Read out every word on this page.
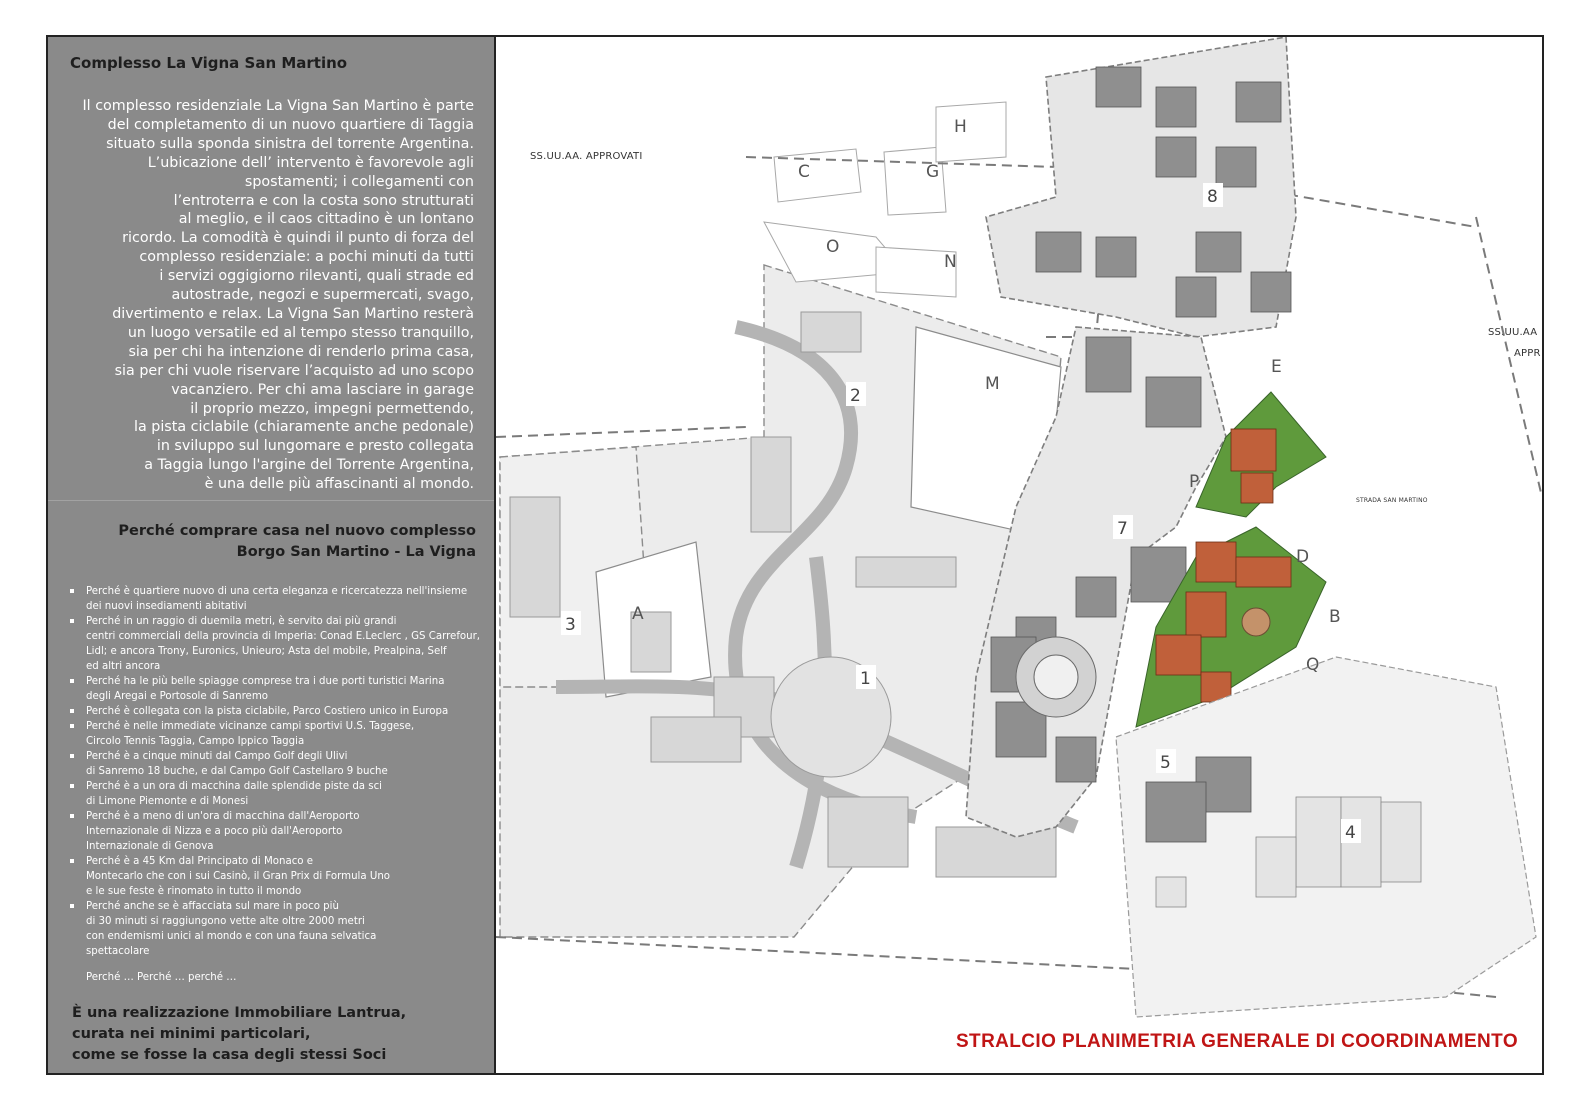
Complesso La Vigna San Martino
Il complesso residenziale La Vigna San Martino è parte
del completamento di un nuovo quartiere di Taggia
situato sulla sponda sinistra del torrente Argentina.
L’ubicazione dell’ intervento è favorevole agli
spostamenti; i collegamenti con
l’entroterra e con la costa sono strutturati
al meglio, e il caos cittadino è un lontano
ricordo. La comodità è quindi il punto di forza del
complesso residenziale: a pochi minuti da tutti
i servizi oggigiorno rilevanti, quali strade ed
autostrade, negozi e supermercati, svago,
divertimento e relax. La Vigna San Martino resterà
un luogo versatile ed al tempo stesso tranquillo,
sia per chi ha intenzione di renderlo prima casa,
sia per chi vuole riservare l’acquisto ad uno scopo
vacanziero. Per chi ama lasciare in garage
il proprio mezzo, impegni permettendo,
la pista ciclabile (chiaramente anche pedonale)
in sviluppo sul lungomare e presto collegata
a Taggia lungo l'argine del Torrente Argentina,
è una delle più affascinanti al mondo.
Perché comprare casa nel nuovo complesso
Borgo San Martino - La Vigna
Perché è quartiere nuovo di una certa eleganza e ricercatezza nell'insieme
dei nuovi insediamenti abitativi
Perché in un raggio di duemila metri, è servito dai più grandi
centri commerciali della provincia di Imperia: Conad E.Leclerc , GS Carrefour,
Lidl; e ancora Trony, Euronics, Unieuro; Asta del mobile, Prealpina, Self
ed altri ancora
Perché ha le più belle spiagge comprese tra i due porti turistici Marina
degli Aregai e Portosole di Sanremo
Perché è collegata con la pista ciclabile, Parco Costiero unico in Europa
Perché è nelle immediate vicinanze campi sportivi U.S. Taggese,
Circolo Tennis Taggia, Campo Ippico Taggia
Perché è a cinque minuti dal Campo Golf degli Ulivi
di Sanremo 18 buche, e dal Campo Golf Castellaro 9 buche
Perché è a un ora di macchina dalle splendide piste da sci
di Limone Piemonte e di Monesi
Perché è a meno di un'ora di macchina dall'Aeroporto
Internazionale di Nizza e a poco più dall'Aeroporto
Internazionale di Genova
Perché è a 45 Km dal Principato di Monaco e
Montecarlo che con i sui Casinò, il Gran Prix di Formula Uno
e le sue feste è rinomato in tutto il mondo
Perché anche se è affacciata sul mare in poco più
di 30 minuti si raggiungono vette alte oltre 2000 metri
con endemismi unici al mondo e con una fauna selvatica
spettacolare
Perché … Perché … perché …
È una realizzazione Immobiliare Lantrua,
curata nei minimi particolari,
come se fosse la casa degli stessi Soci
H
G
C
O
N
M
A
E
P
D
B
Q
2
3
1
5
4
7
8
SS.UU.AA. APPROVATI
SS.UU.AA
APPR
STRADA SAN MARTINO
STRALCIO PLANIMETRIA GENERALE DI COORDINAMENTO
